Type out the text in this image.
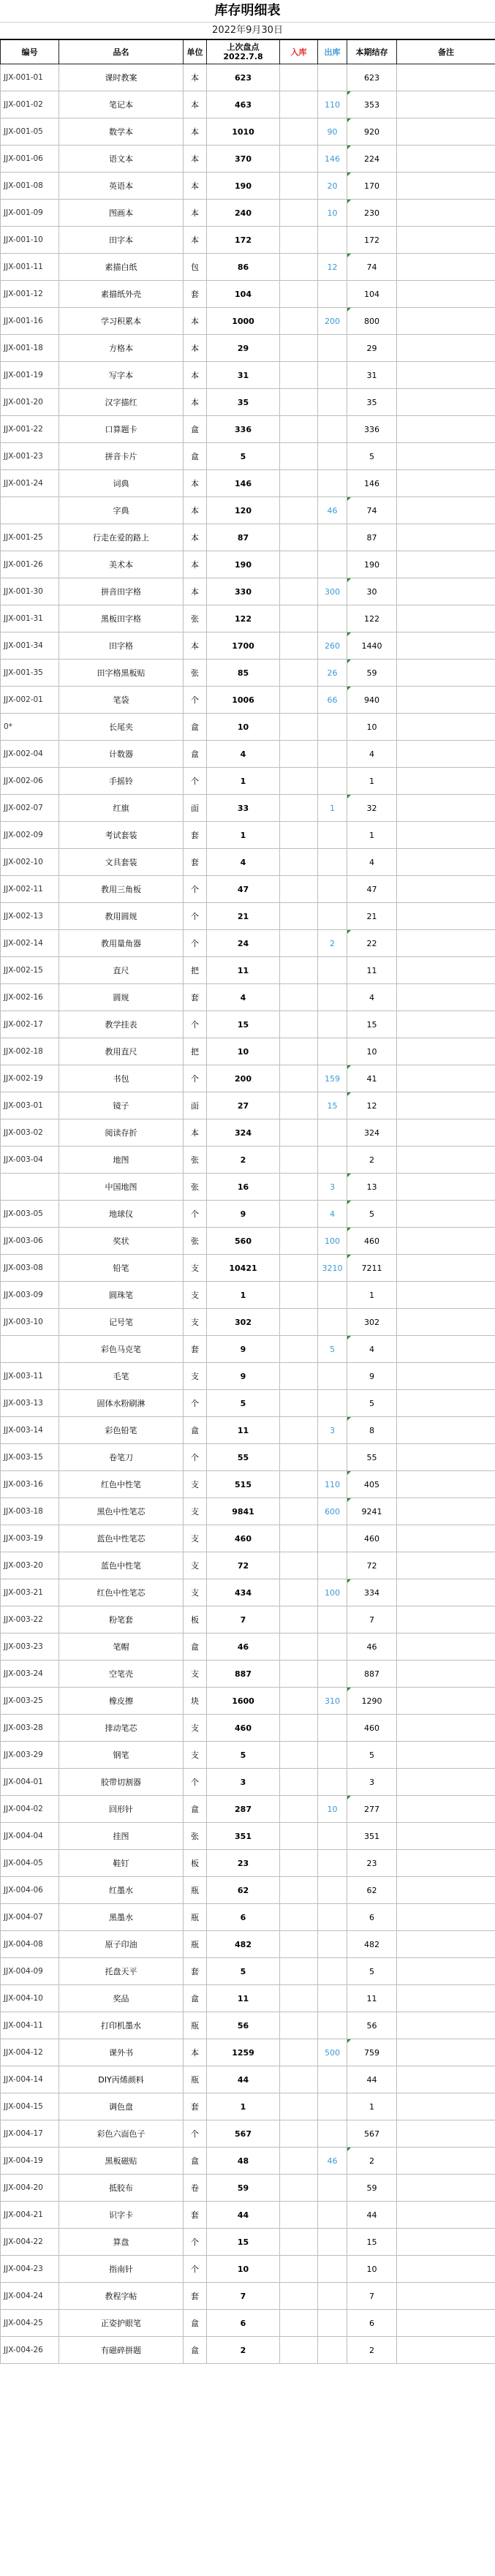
库存明细表
2022年9月30日
编号	品名	单位	上次盘点
2022.7.8	入库	出库	本期结存	备注
JJX-001-01	课时教案	本	623			623	
JJX-001-02	笔记本	本	463		110	353	
JJX-001-05	数学本	本	1010		90	920	
JJX-001-06	语文本	本	370		146	224	
JJX-001-08	英语本	本	190		20	170	
JJX-001-09	图画本	本	240		10	230	
JJX-001-10	田字本	本	172			172	
JJX-001-11	素描白纸	包	86		12	74	
JJX-001-12	素描纸外壳	套	104			104	
JJX-001-16	学习积累本	本	1000		200	800	
JJX-001-18	方格本	本	29			29	
JJX-001-19	写字本	本	31			31	
JJX-001-20	汉字描红	本	35			35	
JJX-001-22	口算题卡	盒	336			336	
JJX-001-23	拼音卡片	盒	5			5	
JJX-001-24	词典	本	146			146	
	字典	本	120		46	74	
JJX-001-25	行走在爱的路上	本	87			87	
JJX-001-26	美术本	本	190			190	
JJX-001-30	拼音田字格	本	330		300	30	
JJX-001-31	黑板田字格	张	122			122	
JJX-001-34	田字格	本	1700		260	1440	
JJX-001-35	田字格黑板贴	张	85		26	59	
JJX-002-01	笔袋	个	1006		66	940	
0*	长尾夹	盒	10			10	
JJX-002-04	计数器	盒	4			4	
JJX-002-06	手摇铃	个	1			1	
JJX-002-07	红旗	面	33		1	32	
JJX-002-09	考试套装	套	1			1	
JJX-002-10	文具套装	套	4			4	
JJX-002-11	教用三角板	个	47			47	
JJX-002-13	教用圆规	个	21			21	
JJX-002-14	教用量角器	个	24		2	22	
JJX-002-15	直尺	把	11			11	
JJX-002-16	圆规	套	4			4	
JJX-002-17	教学挂表	个	15			15	
JJX-002-18	教用直尺	把	10			10	
JJX-002-19	书包	个	200		159	41	
JJX-003-01	镜子	面	27		15	12	
JJX-003-02	阅读存折	本	324			324	
JJX-003-04	地图	张	2			2	
	中国地图	张	16		3	13	
JJX-003-05	地球仪	个	9		4	5	
JJX-003-06	奖状	张	560		100	460	
JJX-003-08	铅笔	支	10421		3210	7211	
JJX-003-09	圆珠笔	支	1			1	
JJX-003-10	记号笔	支	302			302	
	彩色马克笔	套	9		5	4	
JJX-003-11	毛笔	支	9			9	
JJX-003-13	固体水粉刷淋	个	5			5	
JJX-003-14	彩色铅笔	盒	11		3	8	
JJX-003-15	卷笔刀	个	55			55	
JJX-003-16	红色中性笔	支	515		110	405	
JJX-003-18	黑色中性笔芯	支	9841		600	9241	
JJX-003-19	蓝色中性笔芯	支	460			460	
JJX-003-20	蓝色中性笔	支	72			72	
JJX-003-21	红色中性笔芯	支	434		100	334	
JJX-003-22	粉笔套	板	7			7	
JJX-003-23	笔帽	盒	46			46	
JJX-003-24	空笔壳	支	887			887	
JJX-003-25	橡皮擦	块	1600		310	1290	
JJX-003-28	排动笔芯	支	460			460	
JJX-003-29	钢笔	支	5			5	
JJX-004-01	胶带切割器	个	3			3	
JJX-004-02	回形针	盒	287		10	277	
JJX-004-04	挂图	张	351			351	
JJX-004-05	鞋钉	板	23			23	
JJX-004-06	红墨水	瓶	62			62	
JJX-004-07	黑墨水	瓶	6			6	
JJX-004-08	原子印油	瓶	482			482	
JJX-004-09	托盘天平	套	5			5	
JJX-004-10	奖品	盒	11			11	
JJX-004-11	打印机墨水	瓶	56			56	
JJX-004-12	课外书	本	1259		500	759	
JJX-004-14	DIY丙烯颜料	瓶	44			44	
JJX-004-15	调色盘	套	1			1	
JJX-004-17	彩色六面色子	个	567			567	
JJX-004-19	黑板磁贴	盒	48		46	2	
JJX-004-20	抵胶布	卷	59			59	
JJX-004-21	识字卡	套	44			44	
JJX-004-22	算盘	个	15			15	
JJX-004-23	指南针	个	10			10	
JJX-004-24	教程字帖	套	7			7	
JJX-004-25	正姿护眼笔	盒	6			6	
JJX-004-26	有磁碎拼题	盒	2			2	
